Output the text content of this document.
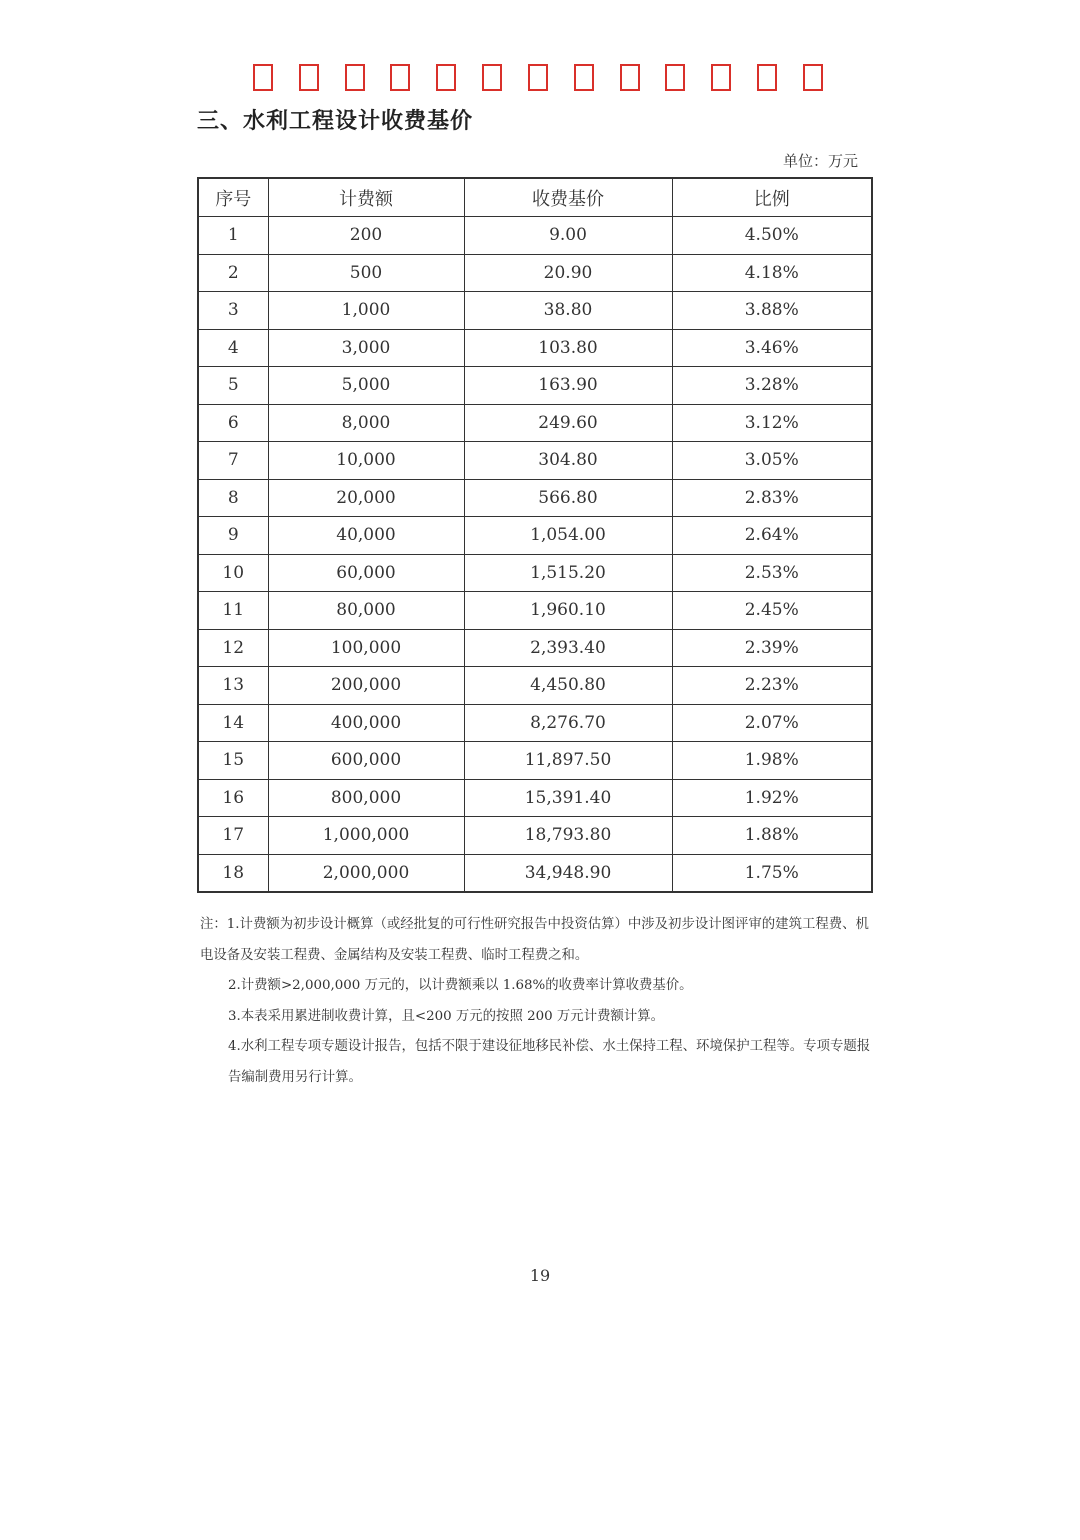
三、水利工程设计收费基价
单位：万元
序号	计费额	收费基价	比例
1	200	9.00	4.50%
2	500	20.90	4.18%
3	1,000	38.80	3.88%
4	3,000	103.80	3.46%
5	5,000	163.90	3.28%
6	8,000	249.60	3.12%
7	10,000	304.80	3.05%
8	20,000	566.80	2.83%
9	40,000	1,054.00	2.64%
10	60,000	1,515.20	2.53%
11	80,000	1,960.10	2.45%
12	100,000	2,393.40	2.39%
13	200,000	4,450.80	2.23%
14	400,000	8,276.70	2.07%
15	600,000	11,897.50	1.98%
16	800,000	15,391.40	1.92%
17	1,000,000	18,793.80	1.88%
18	2,000,000	34,948.90	1.75%

注：1.计费额为初步设计概算（或经批复的可行性研究报告中投资估算）中涉及初步设计图评审的建筑工程费、机电设备及安装工程费、金属结构及安装工程费、临时工程费之和。

2.计费额>2,000,000 万元的，以计费额乘以 1.68%的收费率计算收费基价。

3.本表采用累进制收费计算，且<200 万元的按照 200 万元计费额计算。

4.水利工程专项专题设计报告，包括不限于建设征地移民补偿、水土保持工程、环境保护工程等。专项专题报告编制费用另行计算。

19
